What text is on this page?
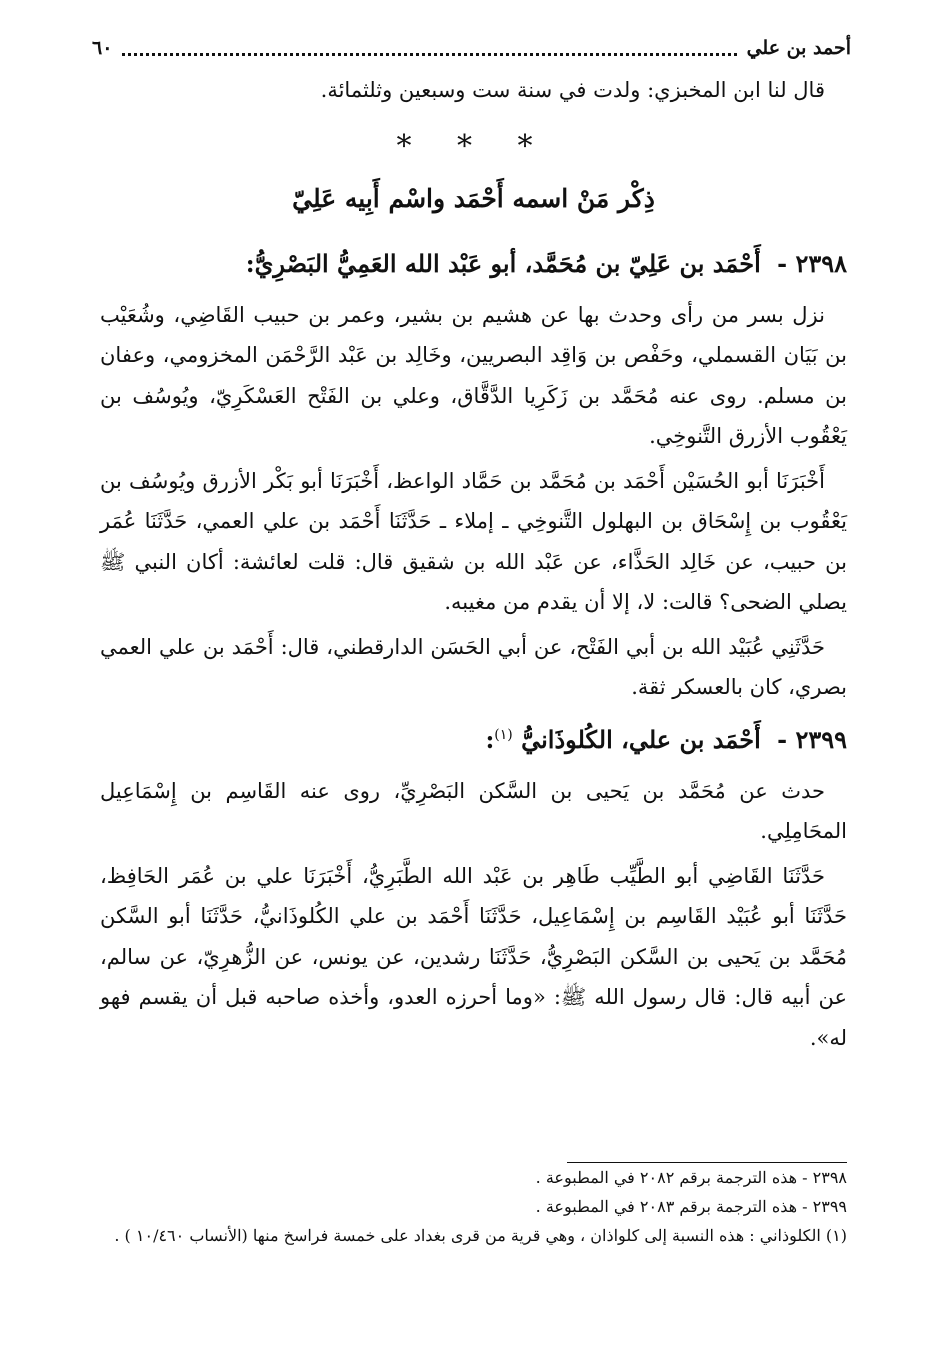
أحمد بن علي
٦٠

قال لنا ابن المخبزي: ولدت في سنة ست وسبعين وثلثمائة.

* * *
ذِكْر مَنْ اسمه أَحْمَد واسْم أَبِيه عَلِيّ
٢٣٩٨ - أَحْمَد بن عَلِيّ بن مُحَمَّد، أبو عَبْد الله العَمِيُّ البَصْرِيُّ:

نزل بسر من رأى وحدث بها عن هشيم بن بشير، وعمر بن حبيب القَاضِي، وشُعَيْب بن بَيَان القسملي، وحَفْص بن وَاقِد البصريين، وخَالِد بن عَبْد الرَّحْمَن المخزومي، وعفان بن مسلم. روى عنه مُحَمَّد بن زَكَرِيا الدَّقَّاق، وعلي بن الفَتْح العَسْكَرِيّ، ويُوسُف بن يَعْقُوب الأزرق التَّنوخِي.

أَخْبَرَنَا أبو الحُسَيْن أَحْمَد بن مُحَمَّد بن حَمَّاد الواعظ، أَخْبَرَنَا أبو بَكْر الأزرق ويُوسُف بن يَعْقُوب بن إِسْحَاق بن البهلول التَّنوخِي ـ إملاء ـ حَدَّثَنَا أَحْمَد بن علي العمي، حَدَّثَنَا عُمَر بن حبيب، عن خَالِد الحَذَّاء، عن عَبْد الله بن شقيق قال: قلت لعائشة: أكان النبي ﷺ يصلي الضحى؟ قالت: لا، إلا أن يقدم من مغيبه.

حَدَّثَنِي عُبَيْد الله بن أبي الفَتْح، عن أبي الحَسَن الدارقطني، قال: أَحْمَد بن علي العمي بصري، كان بالعسكر ثقة.

٢٣٩٩ - أَحْمَد بن علي، الكُلوذَانيُّ $^{(١)}$:

حدث عن مُحَمَّد بن يَحيى بن السَّكن البَصْرِيِّ، روى عنه القَاسِم بن إِسْمَاعِيل المحَامِلِي.

حَدَّثَنَا القَاضِي أبو الطَّيِّب طَاهِر بن عَبْد الله الطَّبَرِيُّ، أَخْبَرَنَا علي بن عُمَر الحَافِظ، حَدَّثَنَا أبو عُبَيْد القَاسِم بن إِسْمَاعِيل، حَدَّثَنَا أَحْمَد بن علي الكُلوذَانيُّ، حَدَّثَنَا أبو السَّكن مُحَمَّد بن يَحيى بن السَّكن البَصْرِيُّ، حَدَّثَنَا رشدين، عن يونس، عن الزُّهرِيّ، عن سالم، عن أبيه قال: قال رسول الله ﷺ: «وما أحرزه العدو، وأخذه صاحبه قبل أن يقسم فهو له».

٢٣٩٨ - هذه الترجمة برقم ٢٠٨٢ في المطبوعة .

٢٣٩٩ - هذه الترجمة برقم ٢٠٨٣ في المطبوعة .

(١) الكلوذاني : هذه النسبة إلى كلواذان ، وهي قرية من قرى بغداد على خمسة فراسخ منها (الأنساب ١٠/٤٦٠ ) .
